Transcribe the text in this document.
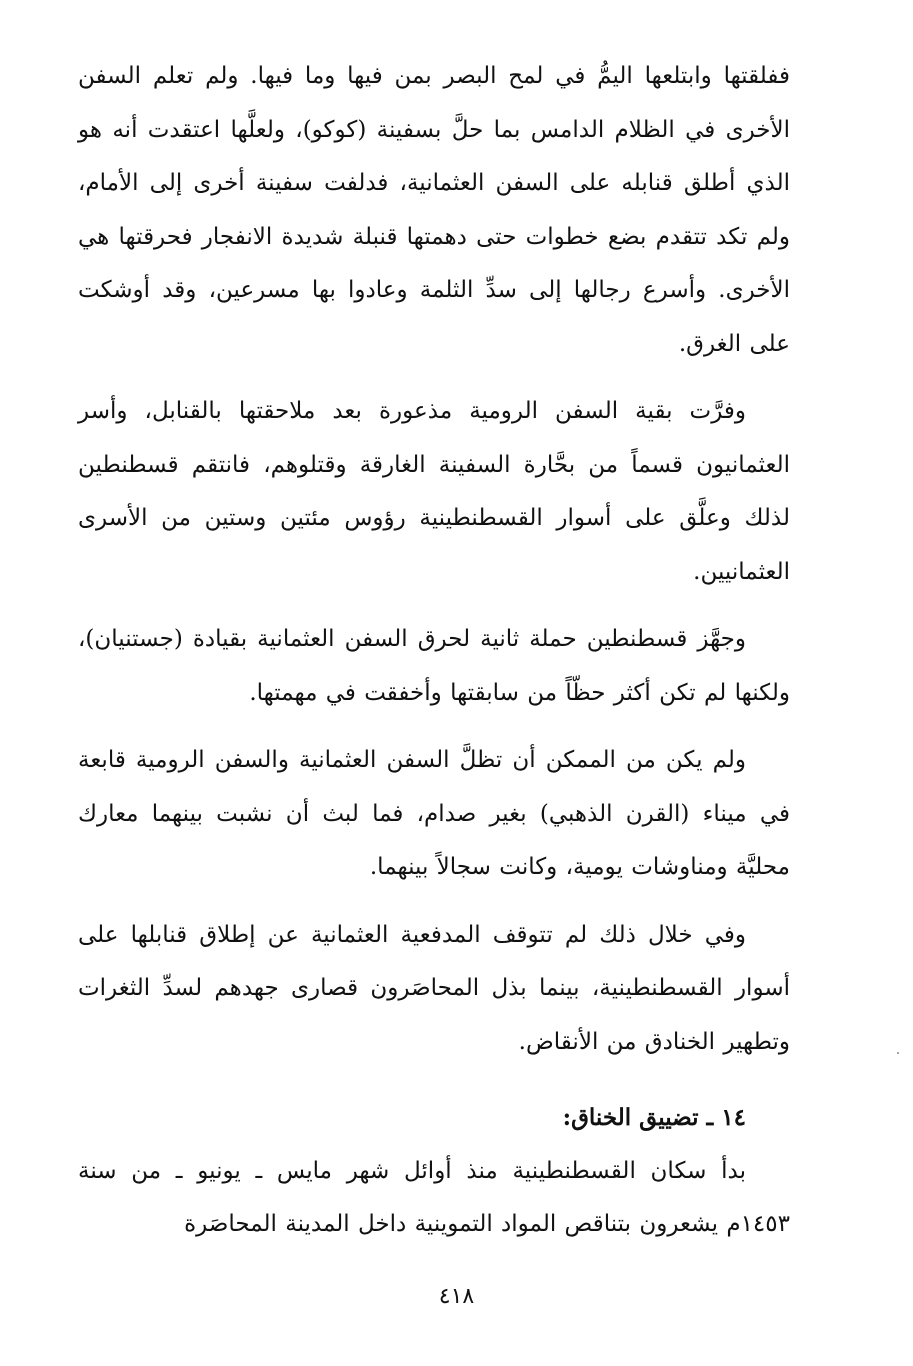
ففلقتها وابتلعها اليمُّ في لمح البصر بمن فيها وما فيها. ولم تعلم السفن الأخرى في الظلام الدامس بما حلَّ بسفينة (كوكو)، ولعلَّها اعتقدت أنه هو الذي أطلق قنابله على السفن العثمانية، فدلفت سفينة أخرى إلى الأمام، ولم تكد تتقدم بضع خطوات حتى دهمتها قنبلة شديدة الانفجار فحرقتها هي الأخرى. وأسرع رجالها إلى سدِّ الثلمة وعادوا بها مسرعين، وقد أوشكت على الغرق.

وفرَّت بقية السفن الرومية مذعورة بعد ملاحقتها بالقنابل، وأسر العثمانيون قسماً من بحَّارة السفينة الغارقة وقتلوهم، فانتقم قسطنطين لذلك وعلَّق على أسوار القسطنطينية رؤوس مئتين وستين من الأسرى العثمانيين.

وجهَّز قسطنطين حملة ثانية لحرق السفن العثمانية بقيادة (جستنيان)، ولكنها لم تكن أكثر حظّاً من سابقتها وأخفقت في مهمتها.

ولم يكن من الممكن أن تظلَّ السفن العثمانية والسفن الرومية قابعة في ميناء (القرن الذهبي) بغير صدام، فما لبث أن نشبت بينهما معارك محليَّة ومناوشات يومية، وكانت سجالاً بينهما.

وفي خلال ذلك لم تتوقف المدفعية العثمانية عن إطلاق قنابلها على أسوار القسطنطينية، بينما بذل المحاصَرون قصارى جهدهم لسدِّ الثغرات وتطهير الخنادق من الأنقاض.

١٤ ـ تضييق الخناق:

بدأ سكان القسطنطينية منذ أوائل شهر مايس ـ يونيو ـ من سنة ١٤٥٣م يشعرون بتناقص المواد التموينية داخل المدينة المحاصَرة

٤١٨
